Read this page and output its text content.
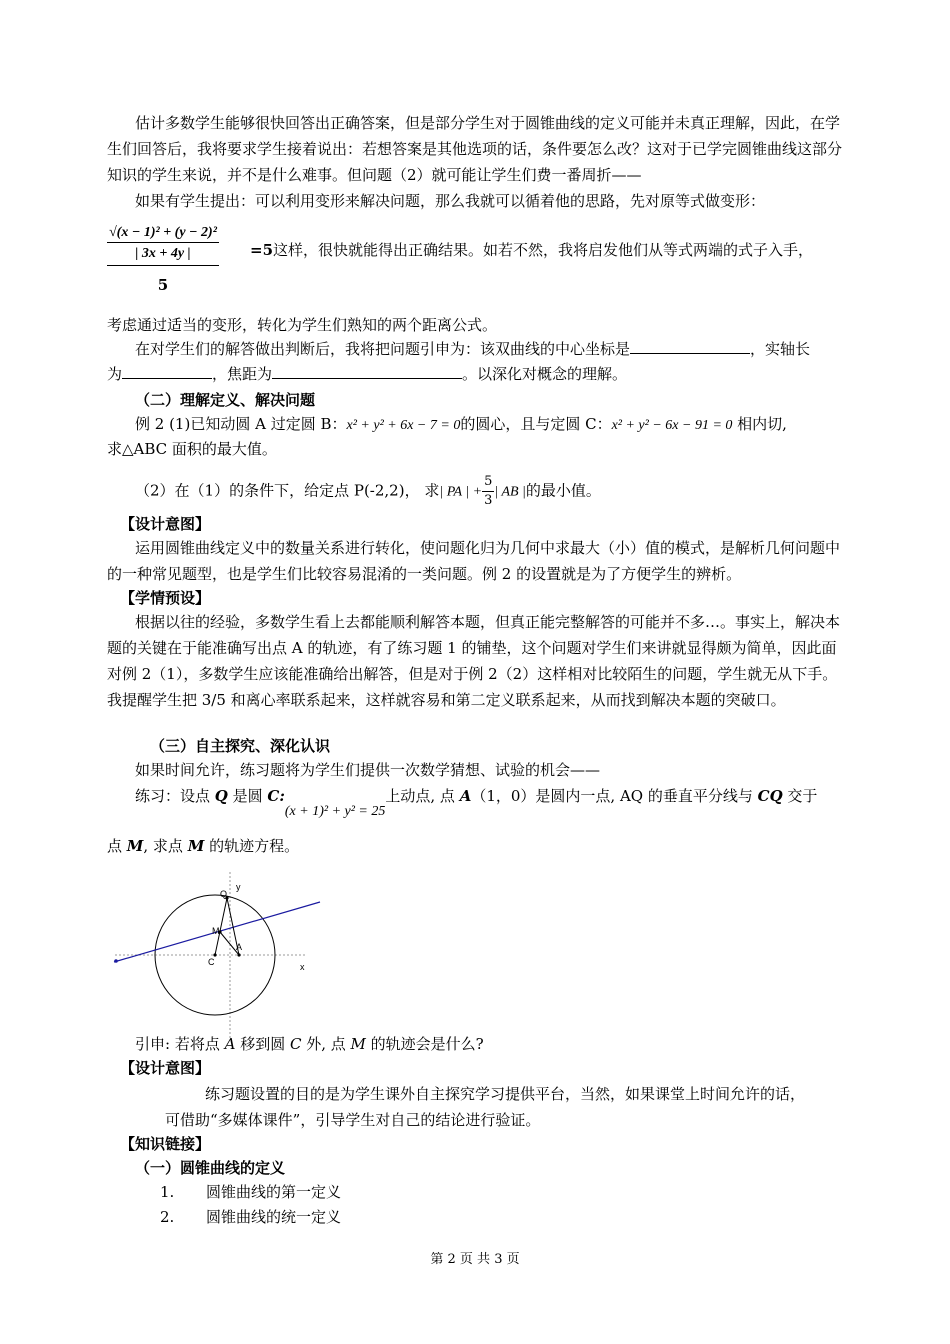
估计多数学生能够很快回答出正确答案，但是部分学生对于圆锥曲线的定义可能并未真正理解，因此，在学生们回答后，我将要求学生接着说出：若想答案是其他选项的话，条件要怎么改？这对于已学完圆锥曲线这部分知识的学生来说，并不是什么难事。但问题（2）就可能让学生们费一番周折——
如果有学生提出：可以利用变形来解决问题，那么我就可以循着他的思路，先对原等式做变形：
√(x − 1)² + (y − 2)²
| 3x + 4y |
5
=5这样，很快就能得出正确结果。如若不然，我将启发他们从等式两端的式子入手，
考虑通过适当的变形，转化为学生们熟知的两个距离公式。
在对学生们的解答做出判断后，我将把问题引申为：该双曲线的中心坐标是	，实轴长
为	，焦距为	。以深化对概念的理解。
（二）理解定义、解决问题
例 2 (1)已知动圆 A 过定圆 B：x² + y² + 6x − 7 = 0的圆心，且与定圆 C：x² + y² − 6x − 91 = 0 相内切,
求△ABC 面积的最大值。
（2）在（1）的条件下，给定点 P(-2,2)， 求| PA | + $\frac{5}{3}$ | AB |的最小值。
【设计意图】
运用圆锥曲线定义中的数量关系进行转化，使问题化归为几何中求最大（小）值的模式，是解析几何问题中的一种常见题型，也是学生们比较容易混淆的一类问题。例 2 的设置就是为了方便学生的辨析。
【学情预设】
根据以往的经验，多数学生看上去都能顺利解答本题，但真正能完整解答的可能并不多…。事实上，解决本题的关键在于能准确写出点 A 的轨迹，有了练习题 1 的铺垫，这个问题对学生们来讲就显得颇为简单，因此面对例 2（1），多数学生应该能准确给出解答，但是对于例 2（2）这样相对比较陌生的问题，学生就无从下手。我提醒学生把 3/5 和离心率联系起来，这样就容易和第二定义联系起来，从而找到解决本题的突破口。
（三）自主探究、深化认识
如果时间允许，练习题将为学生们提供一次数学猜想、试验的机会——
练习：设点 Q 是圆 C:(x + 1)² + y² = 25上动点, 点 A（1，0）是圆内一点, AQ 的垂直平分线与 CQ 交于
点 M, 求点 M 的轨迹方程。
y
x
Q
M
A
C
引申: 若将点 A 移到圆 C 外, 点 M 的轨迹会是什么?
【设计意图】
练习题设置的目的是为学生课外自主探究学习提供平台，当然，如果课堂上时间允许的话，
可借助“多媒体课件”，引导学生对自己的结论进行验证。
【知识链接】
（一）圆锥曲线的定义
1. 圆锥曲线的第一定义
2. 圆锥曲线的统一定义
第 2 页 共 3 页
